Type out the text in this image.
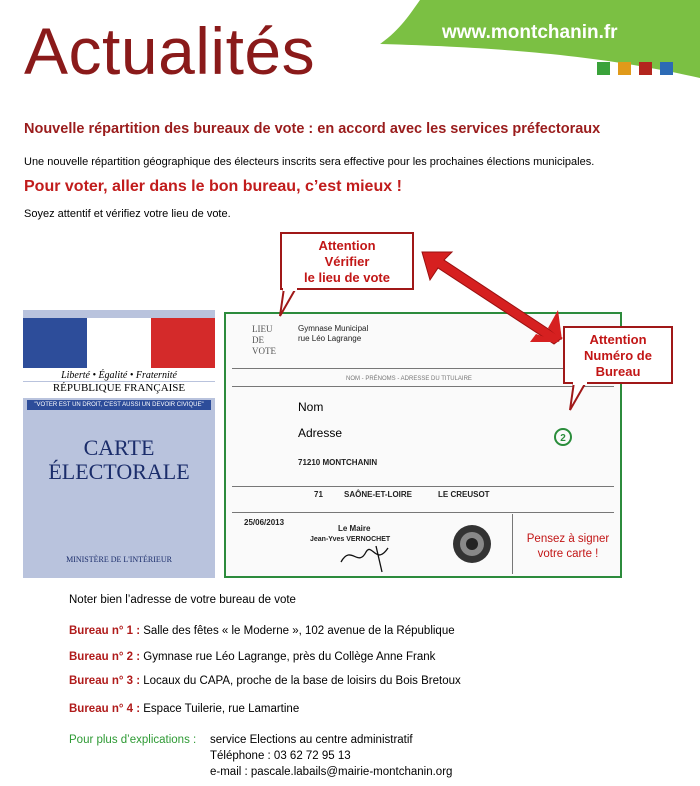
Actualités	www.montchanin.fr
Nouvelle répartition des bureaux de vote : en accord avec les services préfectoraux
Une nouvelle répartition géographique des électeurs inscrits sera effective pour les prochaines élections municipales.
Pour voter, aller dans le bon bureau, c’est mieux !
Soyez attentif et vérifiez votre lieu de vote.
Liberté • Égalité • Fraternité
RÉPUBLIQUE FRANÇAISE
"VOTER EST UN DROIT, C'EST AUSSI UN DEVOIR CIVIQUE"
CARTE
ÉLECTORALE
MINISTÈRE DE L'INTÉRIEUR
LIEU DE VOTE
Gymnase Municipal
rue Léo Lagrange
NOM - PRÉNOMS - ADRESSE DU TITULAIRE
Nom
Adresse
71210 MONTCHANIN
71	SAÔNE-ET-LOIRE	LE CREUSOT
25/06/2013
Le Maire
Jean-Yves VERNOCHET
2
Attention
Vérifier
le lieu de vote
Attention
Numéro de
Bureau
Pensez à signer
votre carte !
Noter bien l’adresse de votre bureau de vote
Bureau n° 1 : Salle des fêtes « le Moderne », 102 avenue de la République
Bureau n° 2 : Gymnase rue Léo Lagrange, près du Collège Anne Frank
Bureau n° 3 : Locaux du CAPA, proche de la base de loisirs du Bois Bretoux
Bureau n° 4 : Espace Tuilerie, rue Lamartine
Pour plus d’explications : service Elections au centre administratif
Téléphone : 03 62 72 95 13
e-mail : pascale.labails@mairie-montchanin.org
